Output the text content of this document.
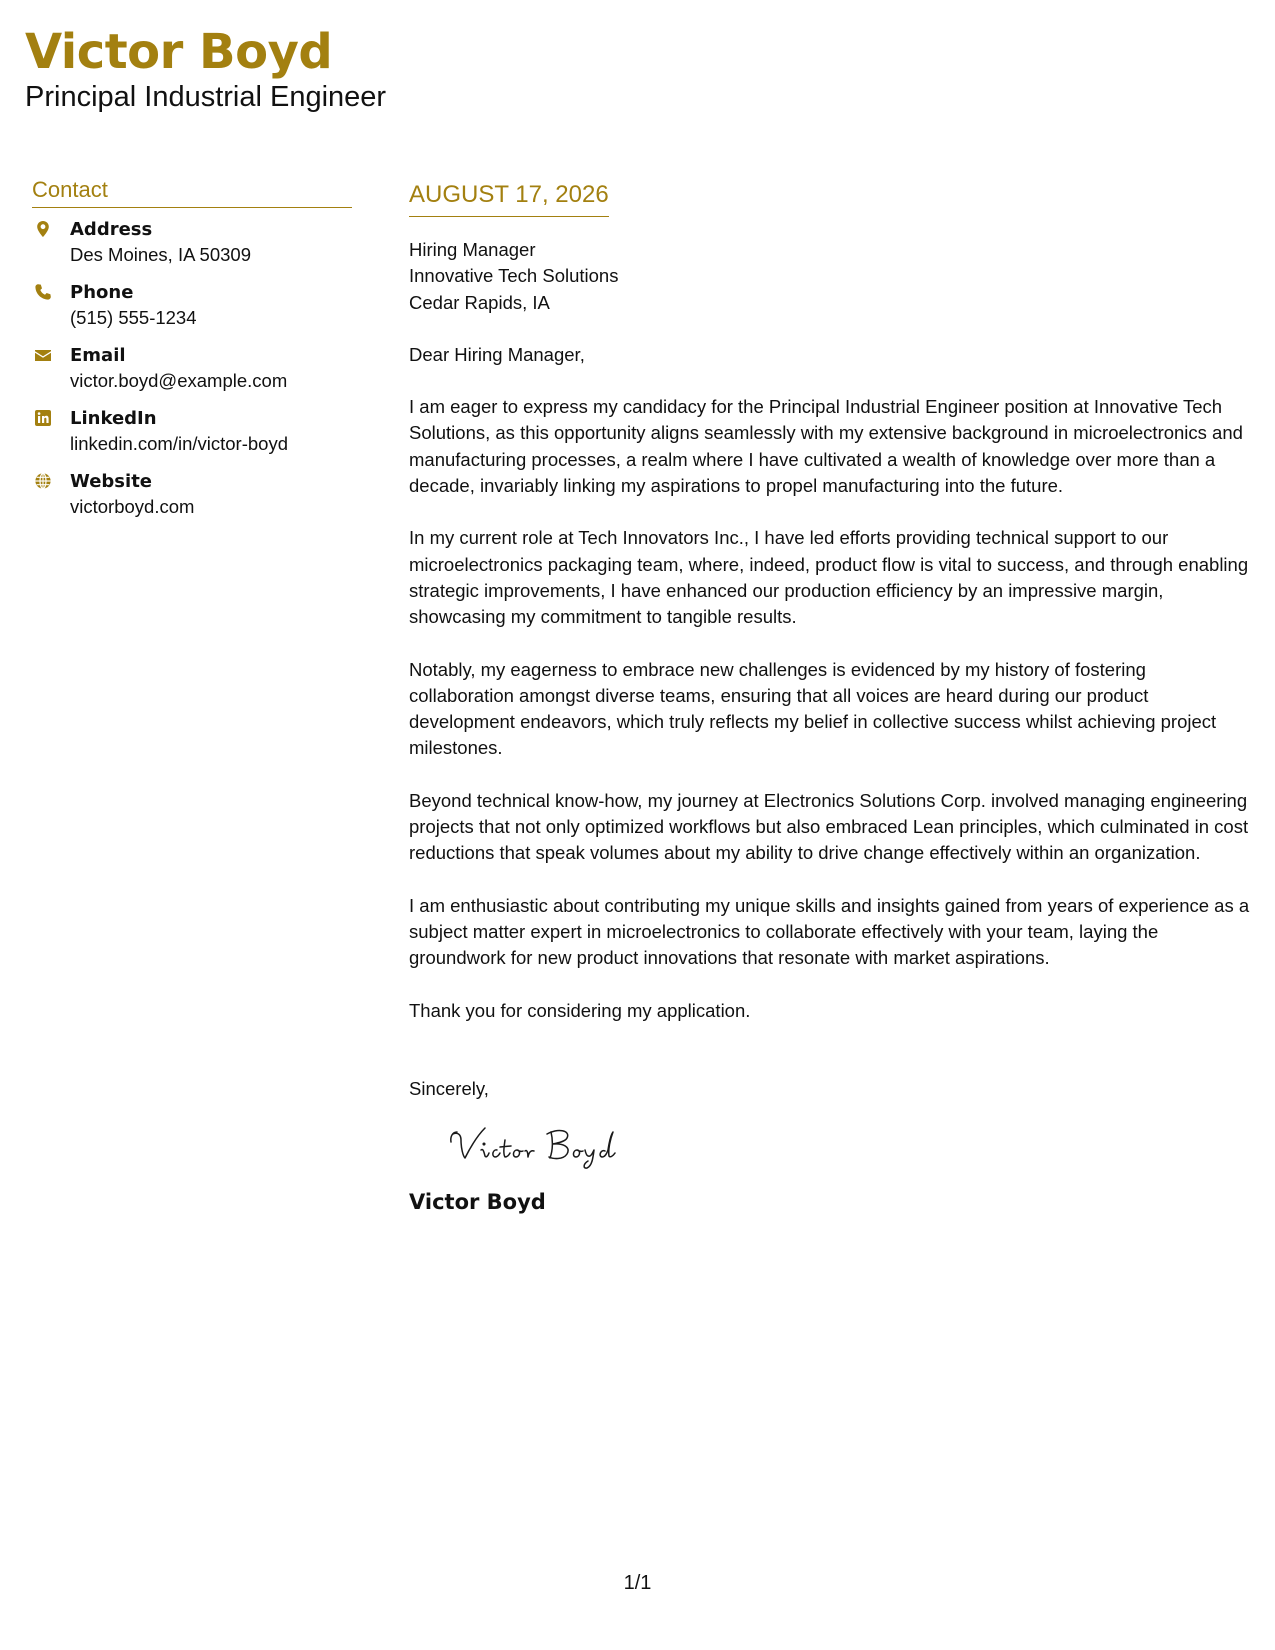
Victor Boyd
Principal Industrial Engineer
Contact
Address
Des Moines, IA 50309
Phone
(515) 555-1234
Email
victor.boyd@example.com
LinkedIn
linkedin.com/in/victor-boyd
Website
victorboyd.com
AUGUST 17, 2026
Hiring Manager
Innovative Tech Solutions
Cedar Rapids, IA
Dear Hiring Manager,
I am eager to express my candidacy for the Principal Industrial Engineer position at Innovative Tech Solutions, as this opportunity aligns seamlessly with my extensive background in microelectronics and manufacturing processes, a realm where I have cultivated a wealth of knowledge over more than a decade, invariably linking my aspirations to propel manufacturing into the future.
In my current role at Tech Innovators Inc., I have led efforts providing technical support to our microelectronics packaging team, where, indeed, product flow is vital to success, and through enabling strategic improvements, I have enhanced our production efficiency by an impressive margin, showcasing my commitment to tangible results.
Notably, my eagerness to embrace new challenges is evidenced by my history of fostering collaboration amongst diverse teams, ensuring that all voices are heard during our product development endeavors, which truly reflects my belief in collective success whilst achieving project milestones.
Beyond technical know-how, my journey at Electronics Solutions Corp. involved managing engineering projects that not only optimized workflows but also embraced Lean principles, which culminated in cost reductions that speak volumes about my ability to drive change effectively within an organization.
I am enthusiastic about contributing my unique skills and insights gained from years of experience as a subject matter expert in microelectronics to collaborate effectively with your team, laying the groundwork for new product innovations that resonate with market aspirations.
Thank you for considering my application.
Sincerely,
Victor Boyd
1/1
